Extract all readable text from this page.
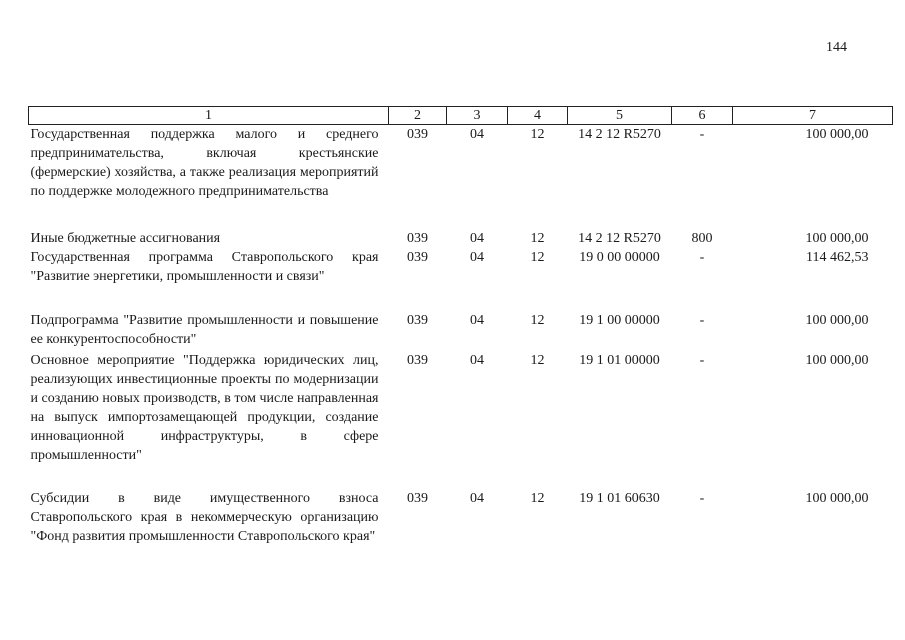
144
1	2	3	4	5	6	7
Государственная поддержка малого и среднего предпринимательства, включая крестьянские (фермерские) хозяйства, а также реализация мероприятий по поддержке молодежного предпринимательства	039	04	12	14 2 12 R5270	-	100 000,00
Иные бюджетные ассигнования	039	04	12	14 2 12 R5270	800	100 000,00
Государственная программа Ставропольского края "Развитие энергетики, промышленности и связи"	039	04	12	19 0 00 00000	-	114 462,53
Подпрограмма "Развитие промышленности и повышение ее конкурентоспособности"	039	04	12	19 1 00 00000	-	100 000,00
Основное мероприятие "Поддержка юридических лиц, реализующих инвестиционные проекты по модернизации и созданию новых производств, в том числе направленная на выпуск импортозамещающей продукции, создание инновационной инфраструктуры, в сфере промышленности"	039	04	12	19 1 01 00000	-	100 000,00
Субсидии в виде имущественного взноса Ставропольского края в некоммерческую организацию "Фонд развития промышленности Ставропольского края"	039	04	12	19 1 01 60630	-	100 000,00
